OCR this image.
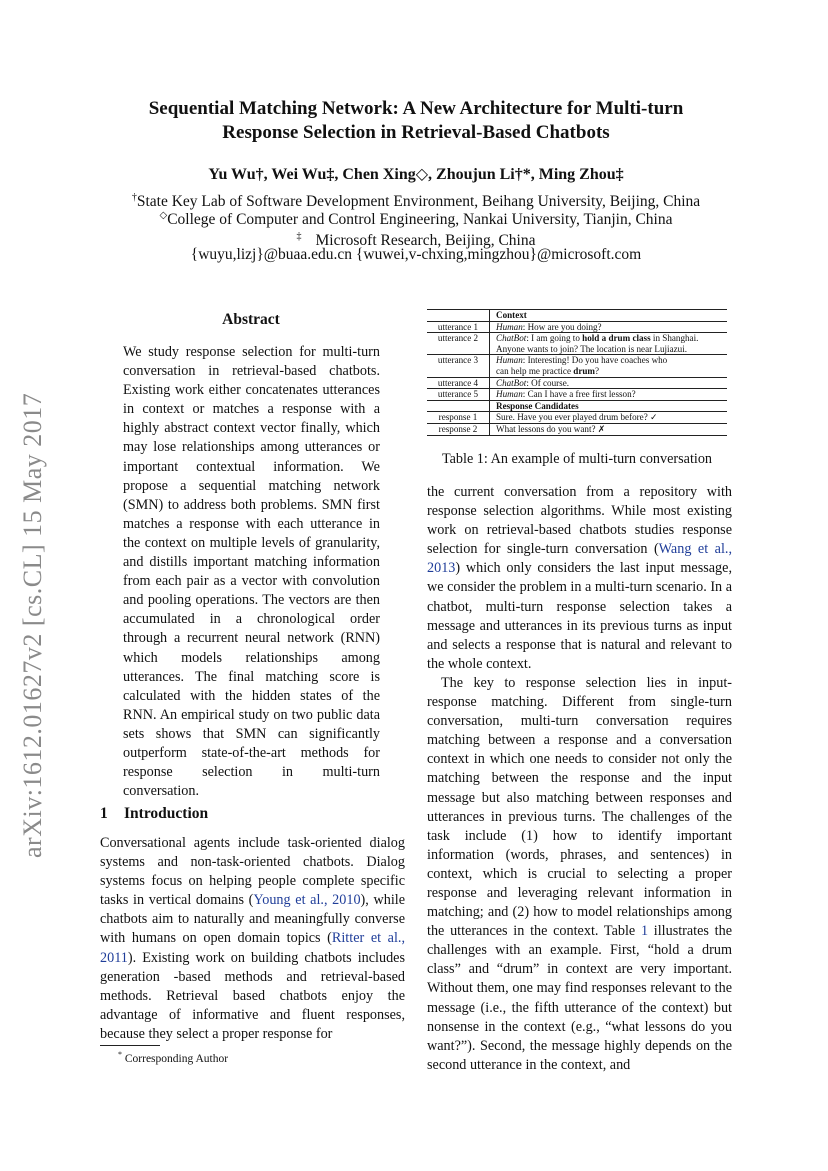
arXiv:1612.01627v2 [cs.CL] 15 May 2017
Sequential Matching Network: A New Architecture for Multi-turn
Response Selection in Retrieval-Based Chatbots
Yu Wu†, Wei Wu‡, Chen Xing◇, Zhoujun Li†*, Ming Zhou‡
†State Key Lab of Software Development Environment, Beihang University, Beijing, China
◇College of Computer and Control Engineering, Nankai University, Tianjin, China
‡ Microsoft Research, Beijing, China
{wuyu,lizj}@buaa.edu.cn {wuwei,v-chxing,mingzhou}@microsoft.com
Abstract
We study response selection for multi-turn conversation in retrieval-based chatbots. Existing work either concatenates utterances in context or matches a response with a highly abstract context vector finally, which may lose relationships among utterances or important contextual information. We propose a sequential matching network (SMN) to address both problems. SMN first matches a response with each utterance in the context on multiple levels of granularity, and distills important matching information from each pair as a vector with convolution and pooling operations. The vectors are then accumulated in a chronological order through a recurrent neural network (RNN) which models relationships among utterances. The final matching score is calculated with the hidden states of the RNN. An empirical study on two public data sets shows that SMN can significantly outperform state-of-the-art methods for response selection in multi-turn conversation.
1 Introduction
Conversational agents include task-oriented dialog systems and non-task-oriented chatbots. Dialog systems focus on helping people complete specific tasks in vertical domains (Young et al., 2010), while chatbots aim to naturally and meaningfully converse with humans on open domain topics (Ritter et al., 2011). Existing work on building chatbots includes generation -based methods and retrieval-based methods. Retrieval based chatbots enjoy the advantage of informative and fluent responses, because they select a proper response for
* Corresponding Author
	Context
utterance 1	Human: How are you doing?
utterance 2	ChatBot: I am going to hold a drum class in Shanghai.
Anyone wants to join? The location is near Lujiazui.
utterance 3	Human: Interesting! Do you have coaches who
can help me practice drum?
utterance 4	ChatBot: Of course.
utterance 5	Human: Can I have a free first lesson?
	Response Candidates
response 1	Sure. Have you ever played drum before? ✓
response 2	What lessons do you want? ✗
Table 1: An example of multi-turn conversation

the current conversation from a repository with response selection algorithms. While most existing work on retrieval-based chatbots studies response selection for single-turn conversation (Wang et al., 2013) which only considers the last input message, we consider the problem in a multi-turn scenario. In a chatbot, multi-turn response selection takes a message and utterances in its previous turns as input and selects a response that is natural and relevant to the whole context.

The key to response selection lies in input-response matching. Different from single-turn conversation, multi-turn conversation requires matching between a response and a conversation context in which one needs to consider not only the matching between the response and the input message but also matching between responses and utterances in previous turns. The challenges of the task include (1) how to identify important information (words, phrases, and sentences) in context, which is crucial to selecting a proper response and leveraging relevant information in matching; and (2) how to model relationships among the utterances in the context. Table 1 illustrates the challenges with an example. First, “hold a drum class” and “drum” in context are very important. Without them, one may find responses relevant to the message (i.e., the fifth utterance of the context) but nonsense in the context (e.g., “what lessons do you want?”). Second, the message highly depends on the second utterance in the context, and
